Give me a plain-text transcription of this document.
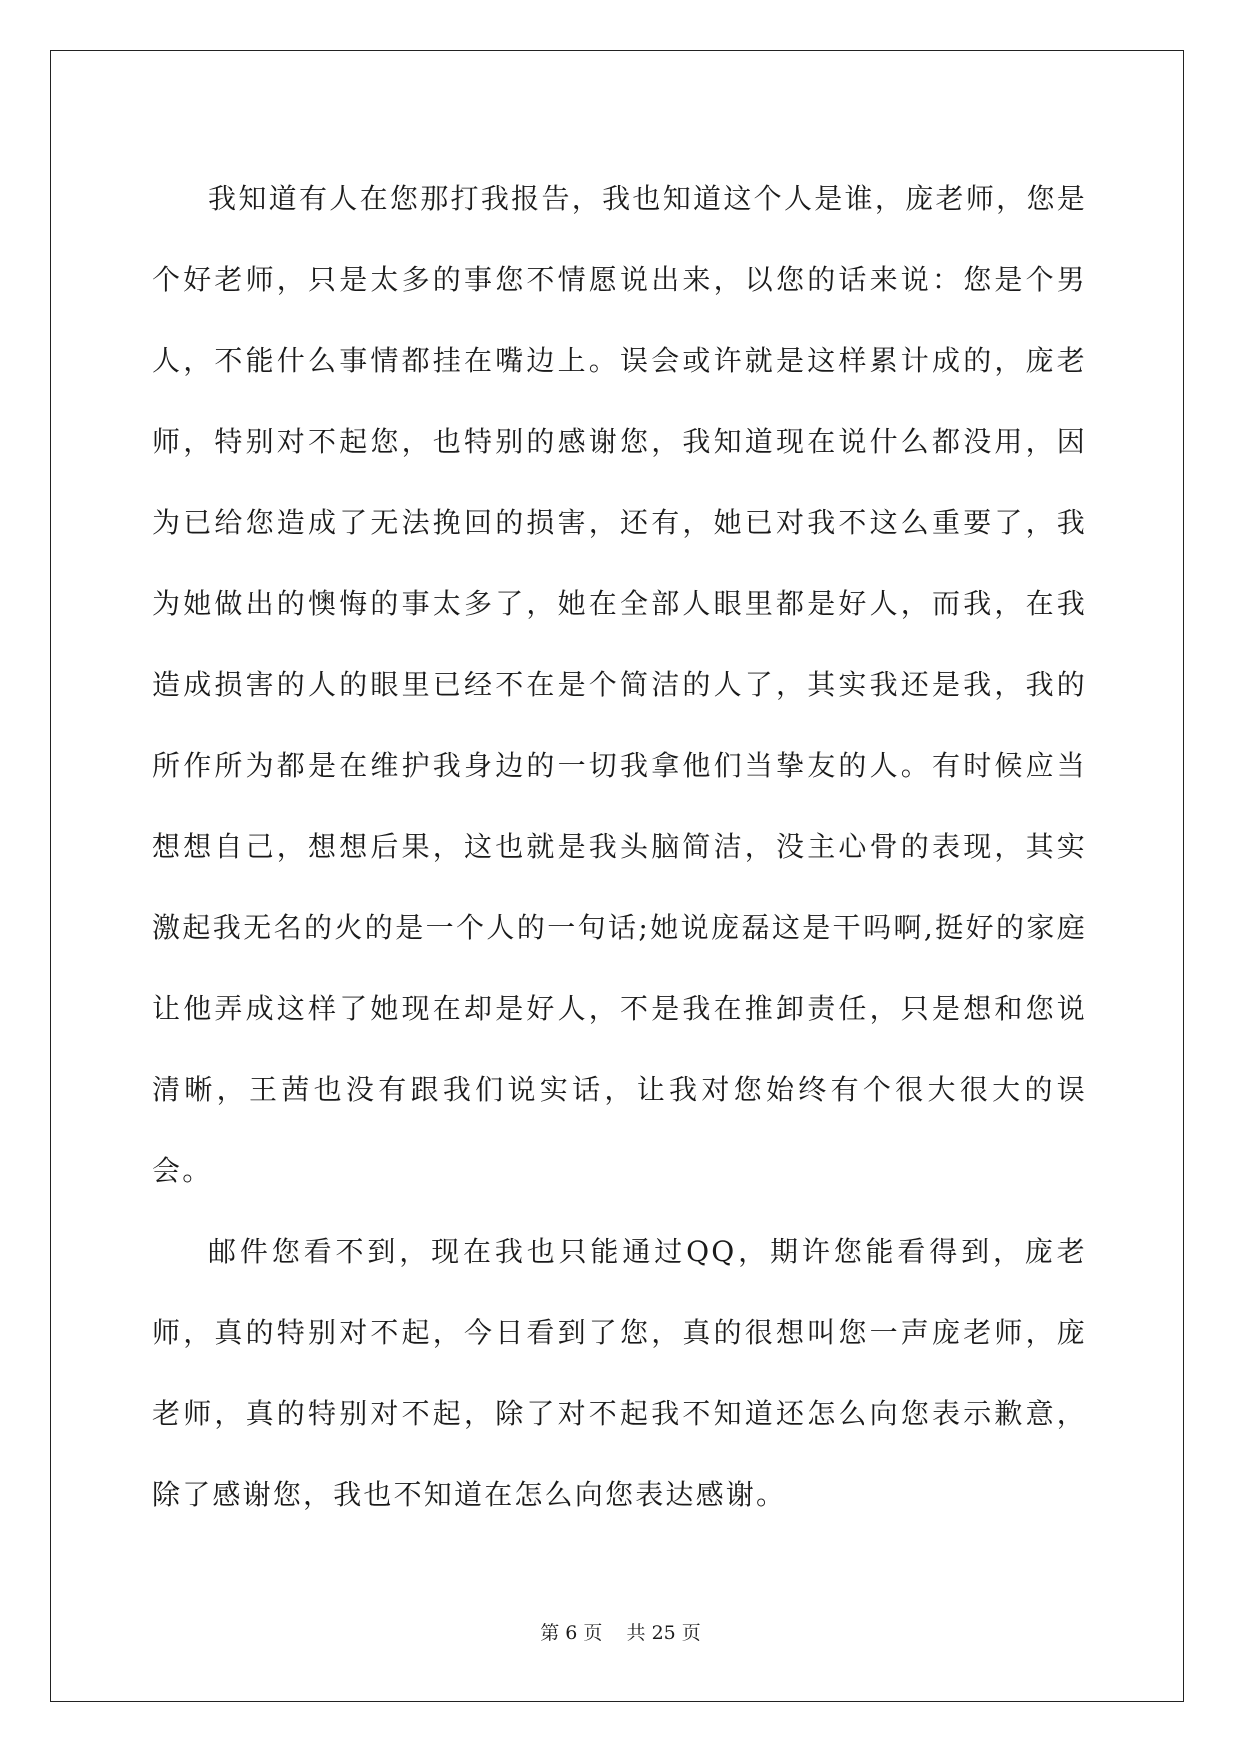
我知道有人在您那打我报告，我也知道这个人是谁，庞老师，您是个好老师，只是太多的事您不情愿说出来，以您的话来说：您是个男人，不能什么事情都挂在嘴边上。误会或许就是这样累计成的，庞老师，特别对不起您，也特别的感谢您，我知道现在说什么都没用，因为已给您造成了无法挽回的损害，还有，她已对我不这么重要了，我为她做出的懊悔的事太多了，她在全部人眼里都是好人，而我，在我造成损害的人的眼里已经不在是个简洁的人了，其实我还是我，我的所作所为都是在维护我身边的一切我拿他们当挚友的人。有时候应当想想自己，想想后果，这也就是我头脑简洁，没主心骨的表现，其实激起我无名的火的是一个人的一句话;她说庞磊这是干吗啊,挺好的家庭让他弄成这样了她现在却是好人，不是我在推卸责任，只是想和您说清晰，王茜也没有跟我们说实话，让我对您始终有个很大很大的误会。

邮件您看不到，现在我也只能通过QQ，期许您能看得到，庞老师，真的特别对不起，今日看到了您，真的很想叫您一声庞老师，庞老师，真的特别对不起，除了对不起我不知道还怎么向您表示歉意，除了感谢您，我也不知道在怎么向您表达感谢。

第 6 页    共 25 页
